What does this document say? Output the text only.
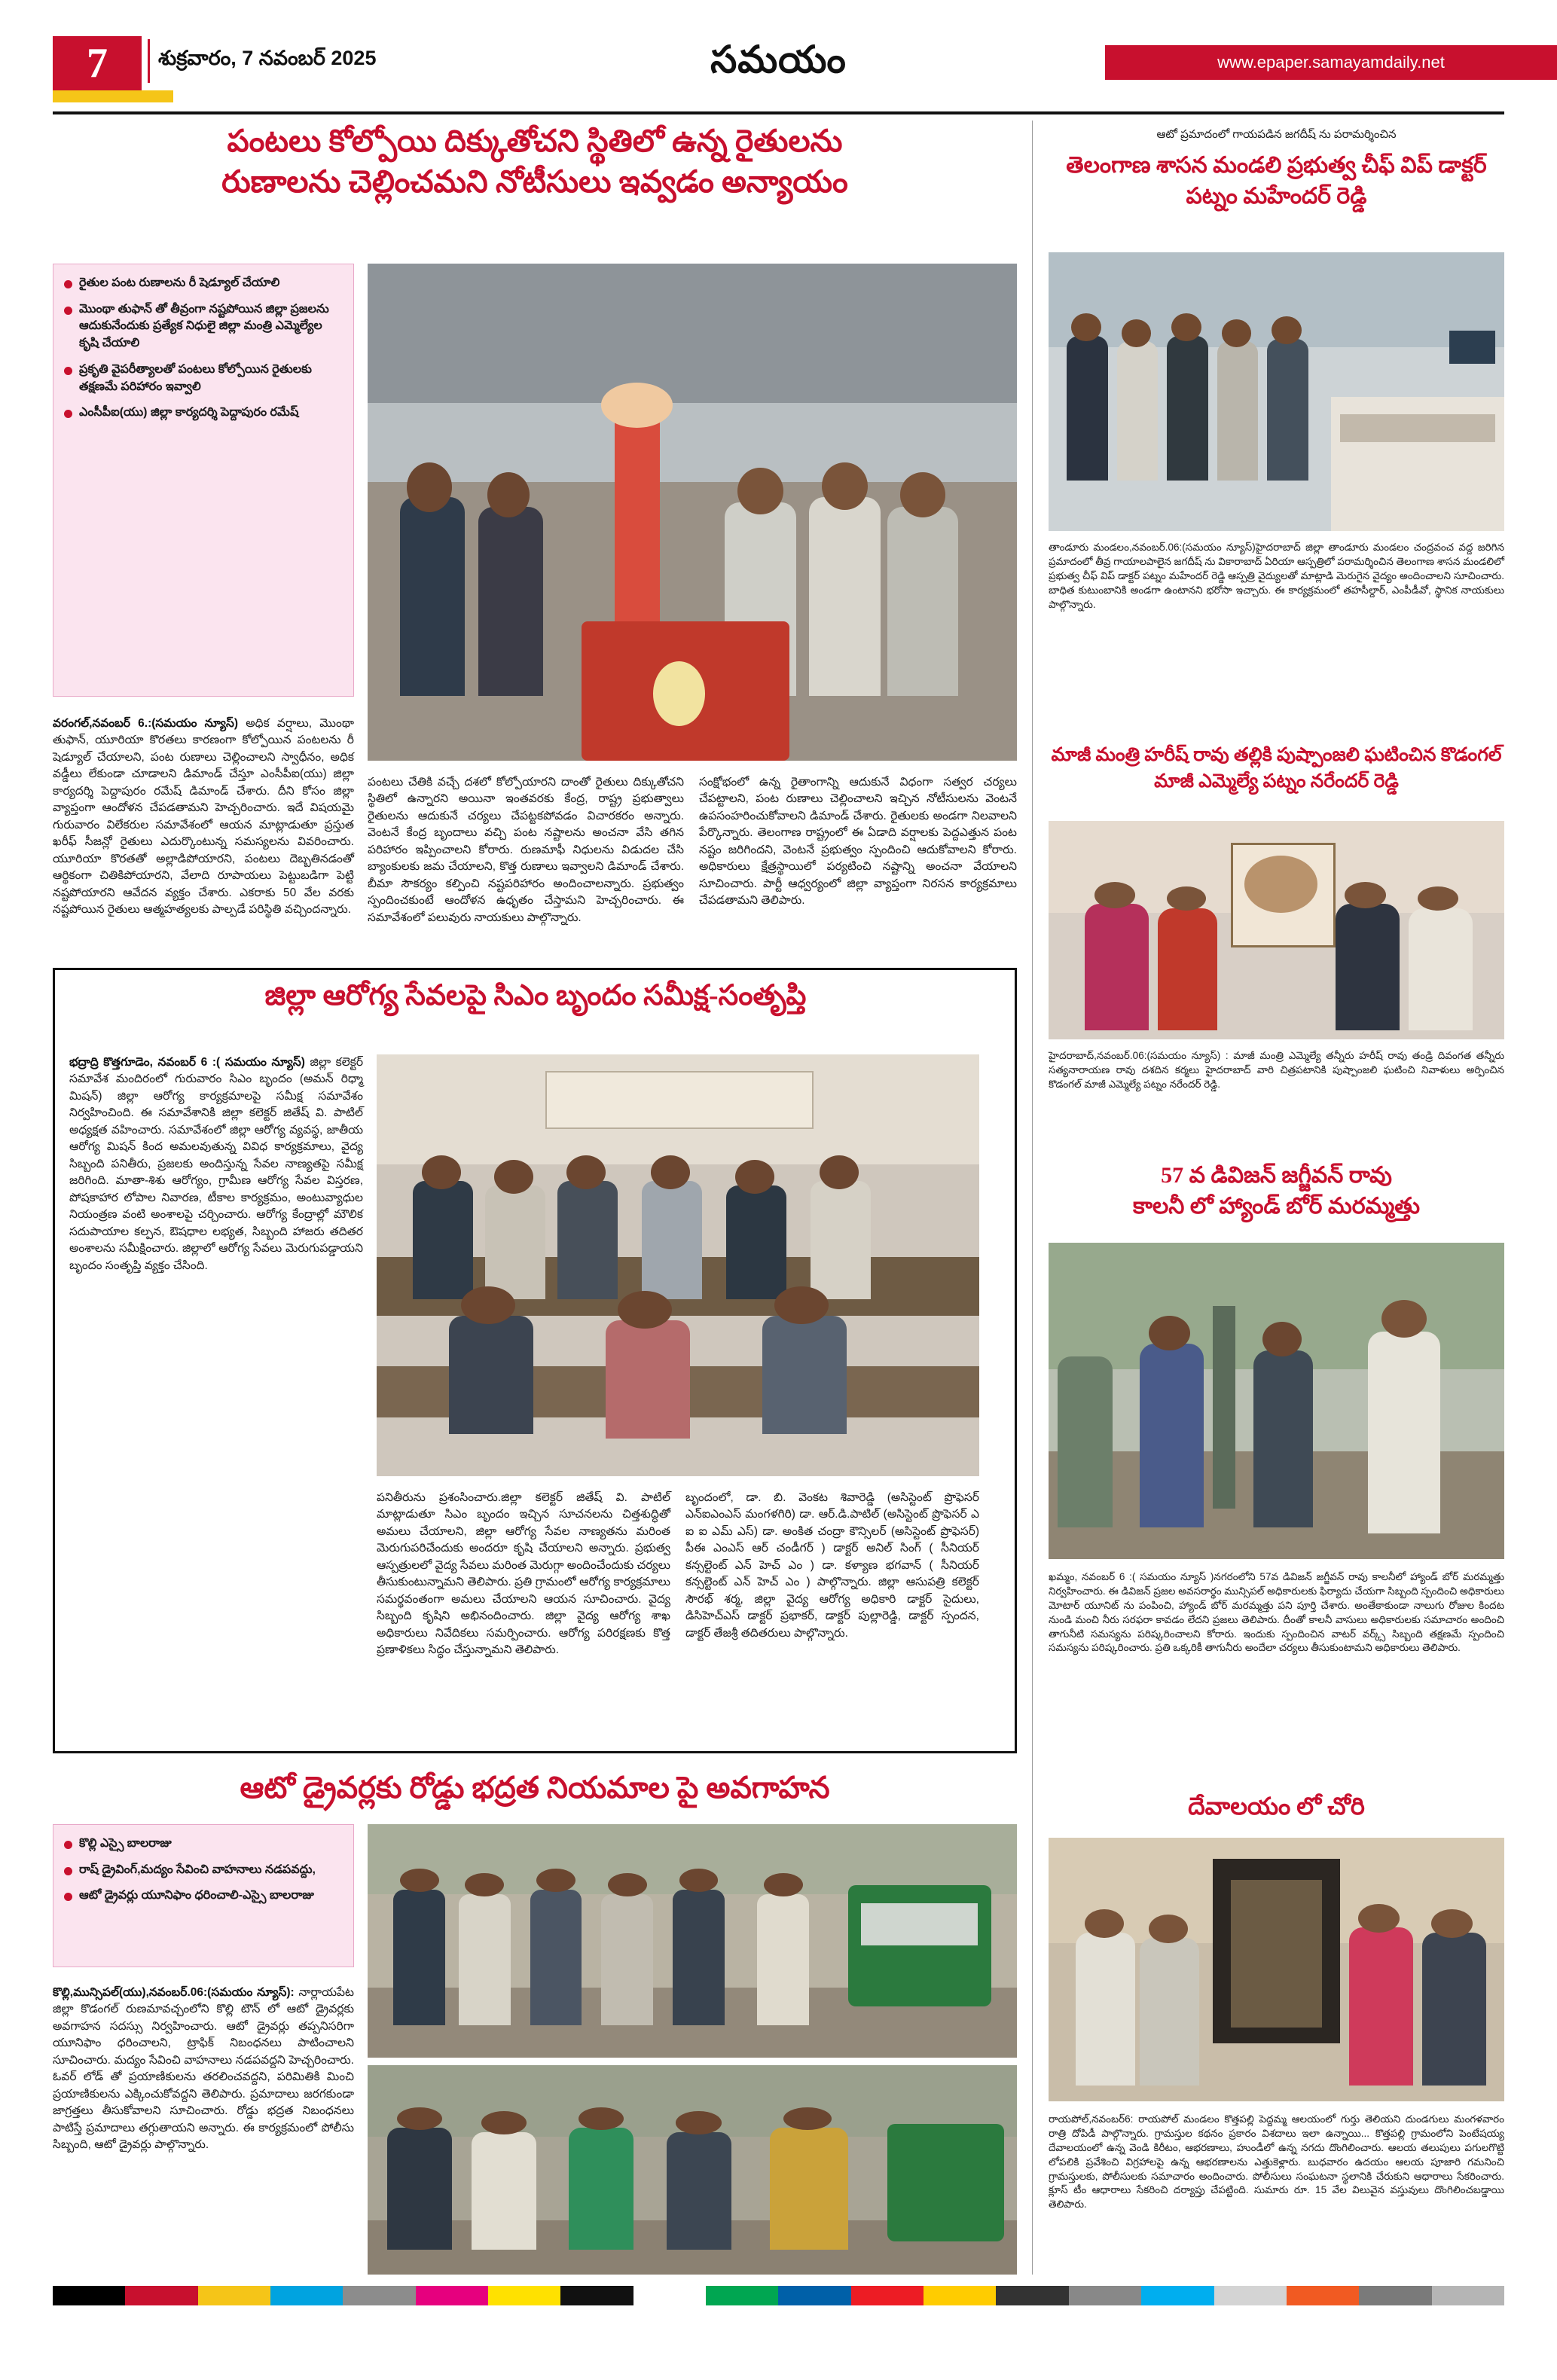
7	శుక్రవారం, 7 నవంబర్ 2025	సమయం	www.epaper.samayamdaily.net
పంటలు కోల్పోయి దిక్కుతోచని స్థితిలో ఉన్న రైతులను
రుణాలను చెల్లించమని నోటీసులు ఇవ్వడం అన్యాయం
రైతుల పంట రుణాలను రీ షెడ్యూల్ చేయాలి
మొంథా తుఫాన్ తో తీవ్రంగా నష్టపోయిన జిల్లా ప్రజలను ఆదుకునేందుకు ప్రత్యేక నిధులై జిల్లా మంత్రి ఎమ్మెల్యేల కృషి చేయాలి
ప్రకృతి వైపరీత్యాలతో పంటలు కోల్పోయిన రైతులకు తక్షణమే పరిహారం ఇవ్వాలి
ఎంసీపీఐ(యు) జిల్లా కార్యదర్శి పెద్దాపురం రమేష్
వరంగల్,నవంబర్ 6.:(సమయం న్యూస్) అధిక వర్షాలు, మొంథా తుఫాన్, యూరియా కొరతలు కారణంగా కోల్పోయిన పంటలను రీ షెడ్యూల్ చేయాలని, పంట రుణాలు చెల్లించాలని స్వాధీనం, అధిక వడ్డీలు లేకుండా చూడాలని డిమాండ్ చేస్తూ ఎంసీపీఐ(యు) జిల్లా కార్యదర్శి పెద్దాపురం రమేష్ డిమాండ్ చేశారు. దీని కోసం జిల్లా వ్యాప్తంగా ఆందోళన చేపడతామని హెచ్చరించారు. ఇదే విషయమై గురువారం విలేకరుల సమావేశంలో ఆయన మాట్లాడుతూ ప్రస్తుత ఖరీఫ్ సీజన్లో రైతులు ఎదుర్కొంటున్న సమస్యలను వివరించారు. యూరియా కొరతతో అల్లాడిపోయారని, పంటలు దెబ్బతినడంతో ఆర్థికంగా చితికిపోయారని, వేలాది రూపాయలు పెట్టుబడిగా పెట్టి నష్టపోయారని ఆవేదన వ్యక్తం చేశారు. ఎకరాకు 50 వేల వరకు నష్టపోయిన రైతులు ఆత్మహత్యలకు పాల్పడే పరిస్థితి వచ్చిందన్నారు.
పంటలు చేతికి వచ్చే దశలో కోల్పోయారని దాంతో రైతులు దిక్కుతోచని స్థితిలో ఉన్నారని అయినా ఇంతవరకు కేంద్ర, రాష్ట్ర ప్రభుత్వాలు రైతులను ఆదుకునే చర్యలు చేపట్టకపోవడం విచారకరం అన్నారు. వెంటనే కేంద్ర బృందాలు వచ్చి పంట నష్టాలను అంచనా వేసి తగిన పరిహారం ఇప్పించాలని కోరారు. రుణమాఫీ నిధులను విడుదల చేసి బ్యాంకులకు జమ చేయాలని, కొత్త రుణాలు ఇవ్వాలని డిమాండ్ చేశారు. బీమా సౌకర్యం కల్పించి నష్టపరిహారం అందించాలన్నారు. ప్రభుత్వం స్పందించకుంటే ఆందోళన ఉధృతం చేస్తామని హెచ్చరించారు. ఈ సమావేశంలో పలువురు నాయకులు పాల్గొన్నారు.
సంక్షోభంలో ఉన్న రైతాంగాన్ని ఆదుకునే విధంగా సత్వర చర్యలు చేపట్టాలని, పంట రుణాలు చెల్లించాలని ఇచ్చిన నోటీసులను వెంటనే ఉపసంహరించుకోవాలని డిమాండ్ చేశారు. రైతులకు అండగా నిలవాలని పేర్కొన్నారు. తెలంగాణ రాష్ట్రంలో ఈ ఏడాది వర్షాలకు పెద్దఎత్తున పంట నష్టం జరిగిందని, వెంటనే ప్రభుత్వం స్పందించి ఆదుకోవాలని కోరారు. అధికారులు క్షేత్రస్థాయిలో పర్యటించి నష్టాన్ని అంచనా వేయాలని సూచించారు. పార్టీ ఆధ్వర్యంలో జిల్లా వ్యాప్తంగా నిరసన కార్యక్రమాలు చేపడతామని తెలిపారు.
ఆటో ప్రమాదంలో గాయపడిన జగదీష్ ను పరామర్శించిన
తెలంగాణ శాసన మండలి ప్రభుత్వ చీఫ్ విప్ డాక్టర్ పట్నం మహేందర్ రెడ్డి
తాండూరు మండలం,నవంబర్.06:(సమయం న్యూస్)హైదరాబాద్ జిల్లా తాండూరు మండలం చంద్రవంచ వద్ద జరిగిన ప్రమాదంలో తీవ్ర గాయాలపాలైన జగదీష్ ను వికారాబాద్ ఏరియా ఆస్పత్రిలో పరామర్శించిన తెలంగాణ శాసన మండలిలో ప్రభుత్వ చీఫ్ విప్ డాక్టర్ పట్నం మహేందర్ రెడ్డి ఆస్పత్రి వైద్యులతో మాట్లాడి మెరుగైన వైద్యం అందించాలని సూచించారు. బాధిత కుటుంబానికి అండగా ఉంటానని భరోసా ఇచ్చారు. ఈ కార్యక్రమంలో తహసీల్దార్, ఎంపీడీవో, స్థానిక నాయకులు పాల్గొన్నారు.
మాజీ మంత్రి హరీష్ రావు తల్లికి పుష్పాంజలి ఘటించిన కొడంగల్ మాజీ ఎమ్మెల్యే పట్నం నరేందర్ రెడ్డి
హైదరాబాద్,నవంబర్.06:(సమయం న్యూస్) : మాజీ మంత్రి ఎమ్మెల్యే తన్నీరు హరీష్ రావు తండ్రి దివంగత తన్నీరు సత్యనారాయణ రావు దశదిన కర్మలు హైదరాబాద్ వారి చిత్రపటానికి పుష్పాంజలి ఘటించి నివాళులు అర్పించిన కొడంగల్ మాజీ ఎమ్మెల్యే పట్నం నరేందర్ రెడ్డి.
57 వ డివిజన్ జగ్జీవన్ రావు
కాలనీ లో హ్యాండ్ బోర్ మరమ్మత్తు
ఖమ్మం, నవంబర్ 6 :( సమయం న్యూస్ )నగరంలోని 57వ డివిజన్ జగ్జీవన్ రావు కాలనీలో హ్యాండ్ బోర్ మరమ్మత్తు నిర్వహించారు. ఈ డివిజన్ ప్రజల అవసరార్థం మున్సిపల్ అధికారులకు ఫిర్యాదు చేయగా సిబ్బంది స్పందించి అధికారులు మోటార్ యూనిట్ ను పంపించి, హ్యాండ్ బోర్ మరమ్మత్తు పని పూర్తి చేశారు. అంతేకాకుండా నాలుగు రోజుల కిందట నుండి మంచి నీరు సరఫరా కావడం లేదని ప్రజలు తెలిపారు. దీంతో కాలనీ వాసులు అధికారులకు సమాచారం అందించి తాగునీటి సమస్యను పరిష్కరించాలని కోరారు. ఇందుకు స్పందించిన వాటర్ వర్క్స్ సిబ్బంది తక్షణమే స్పందించి సమస్యను పరిష్కరించారు. ప్రతి ఒక్కరికీ తాగునీరు అందేలా చర్యలు తీసుకుంటామని అధికారులు తెలిపారు.
దేవాలయం లో చోరి
రాయపోల్,నవంబర్6: రాయపోల్ మండలం కొత్తపల్లి పెద్దమ్మ ఆలయంలో గుర్తు తెలియని దుండగులు మంగళవారం రాత్రి దోపిడీ పాల్గొన్నారు. గ్రామస్తుల కథనం ప్రకారం విశదాలు ఇలా ఉన్నాయి... కొత్తపల్లి గ్రామంలోని పెంటేషయ్య దేవాలయంలో ఉన్న వెండి కిరీటం, ఆభరణాలు, హుండీలో ఉన్న నగదు దొంగిలించారు. ఆలయ తలుపులు పగులగొట్టి లోపలికి ప్రవేశించి విగ్రహాలపై ఉన్న ఆభరణాలను ఎత్తుకెళ్లారు. బుధవారం ఉదయం ఆలయ పూజారి గమనించి గ్రామస్తులకు, పోలీసులకు సమాచారం అందించారు. పోలీసులు సంఘటనా స్థలానికి చేరుకుని ఆధారాలు సేకరించారు. క్లూస్ టీం ఆధారాలు సేకరించి దర్యాప్తు చేపట్టింది. సుమారు రూ. 15 వేల విలువైన వస్తువులు దొంగిలించబడ్డాయి తెలిపారు.
జిల్లా ఆరోగ్య సేవలపై సిఎం బృందం సమీక్ష-సంతృప్తి
భద్రాద్రి కొత్తగూడెం, నవంబర్ 6 :( సమయం న్యూస్) జిల్లా కలెక్టర్ సమావేశ మందిరంలో గురువారం సిఎం బృందం (అమన్ రిధ్మా మిషన్) జిల్లా ఆరోగ్య కార్యక్రమాలపై సమీక్ష సమావేశం నిర్వహించింది. ఈ సమావేశానికి జిల్లా కలెక్టర్ జితేష్ వి. పాటిల్ అధ్యక్షత వహించారు. సమావేశంలో జిల్లా ఆరోగ్య వ్యవస్థ, జాతీయ ఆరోగ్య మిషన్ కింద అమలవుతున్న వివిధ కార్యక్రమాలు, వైద్య సిబ్బంది పనితీరు, ప్రజలకు అందిస్తున్న సేవల నాణ్యతపై సమీక్ష జరిగింది. మాతా-శిశు ఆరోగ్యం, గ్రామీణ ఆరోగ్య సేవల విస్తరణ, పోషకాహార లోపాల నివారణ, టీకాల కార్యక్రమం, అంటువ్యాధుల నియంత్రణ వంటి అంశాలపై చర్చించారు. ఆరోగ్య కేంద్రాల్లో మౌలిక సదుపాయాల కల్పన, ఔషధాల లభ్యత, సిబ్బంది హాజరు తదితర అంశాలను సమీక్షించారు. జిల్లాలో ఆరోగ్య సేవలు మెరుగుపడ్డాయని బృందం సంతృప్తి వ్యక్తం చేసింది.
పనితీరును ప్రశంసించారు.జిల్లా కలెక్టర్ జితేష్ వి. పాటిల్ మాట్లాడుతూ సిఎం బృందం ఇచ్చిన సూచనలను చిత్తశుద్ధితో అమలు చేయాలని, జిల్లా ఆరోగ్య సేవల నాణ్యతను మరింత మెరుగుపరిచేందుకు అందరూ కృషి చేయాలని అన్నారు. ప్రభుత్వ ఆస్పత్రులలో వైద్య సేవలు మరింత మెరుగ్గా అందించేందుకు చర్యలు తీసుకుంటున్నామని తెలిపారు. ప్రతి గ్రామంలో ఆరోగ్య కార్యక్రమాలు సమర్థవంతంగా అమలు చేయాలని ఆయన సూచించారు. వైద్య సిబ్బంది కృషిని అభినందించారు. జిల్లా వైద్య ఆరోగ్య శాఖ అధికారులు నివేదికలు సమర్పించారు. ఆరోగ్య పరిరక్షణకు కొత్త ప్రణాళికలు సిద్ధం చేస్తున్నామని తెలిపారు.
బృందంలో, డా. బి. వెంకట శివారెడ్డి (అసిస్టెంట్ ప్రొఫెసర్ ఎన్ఐఎంఎస్ మంగళగిరి) డా. ఆర్.డి.పాటిల్ (అసిస్టెంట్ ప్రొఫెసర్ ఎ ఐ ఐ ఎమ్ ఎస్) డా. అంకిత చంద్రా కౌన్సిలర్ (అసిస్టెంట్ ప్రొఫెసర్) పీఈ ఎంఎస్ ఆర్ చండీగర్ ) డాక్టర్ అనిల్ సింగ్ ( సీనియర్ కన్సల్టెంట్ ఎన్ హెచ్ ఎం ) డా. కళ్యాణ భగవాన్ ( సీనియర్ కన్సల్టెంట్ ఎన్ హెచ్ ఎం ) పాల్గొన్నారు. జిల్లా ఆసుపత్రి కలెక్టర్ సౌరభ్ శర్మ, జిల్లా వైద్య ఆరోగ్య అధికారి డాక్టర్ సైదులు, డిసిహెచ్ఎస్ డాక్టర్ ప్రభాకర్, డాక్టర్ పుల్లారెడ్డి, డాక్టర్ స్పందన, డాక్టర్ తేజశ్రీ తదితరులు పాల్గొన్నారు.
ఆటో డ్రైవర్లకు రోడ్డు భద్రత నియమాల పై అవగాహన
కొల్లి ఎస్సై బాలరాజు
రాష్ డ్రైవింగ్,మద్యం సేవించి వాహనాలు నడపవద్దు,
ఆటో డ్రైవర్లు యూనిఫాం ధరించాలి-ఎస్సై బాలరాజు
కొల్లి,మున్సిపల్(యు),నవంబర్.06:(సమయం న్యూస్): నార్లాయపేట జిల్లా కొడంగల్ రుణమావచ్చంలోని కొల్లి టౌన్ లో ఆటో డ్రైవర్లకు అవగాహన సదస్సు నిర్వహించారు. ఆటో డ్రైవర్లు తప్పనిసరిగా యూనిఫాం ధరించాలని, ట్రాఫిక్ నిబంధనలు పాటించాలని సూచించారు. మద్యం సేవించి వాహనాలు నడపవద్దని హెచ్చరించారు. ఓవర్ లోడ్ తో ప్రయాణికులను తరలించవద్దని, పరిమితికి మించి ప్రయాణికులను ఎక్కించుకోవద్దని తెలిపారు. ప్రమాదాలు జరగకుండా జాగ్రత్తలు తీసుకోవాలని సూచించారు. రోడ్డు భద్రత నిబంధనలు పాటిస్తే ప్రమాదాలు తగ్గుతాయని అన్నారు. ఈ కార్యక్రమంలో పోలీసు సిబ్బంది, ఆటో డ్రైవర్లు పాల్గొన్నారు.
